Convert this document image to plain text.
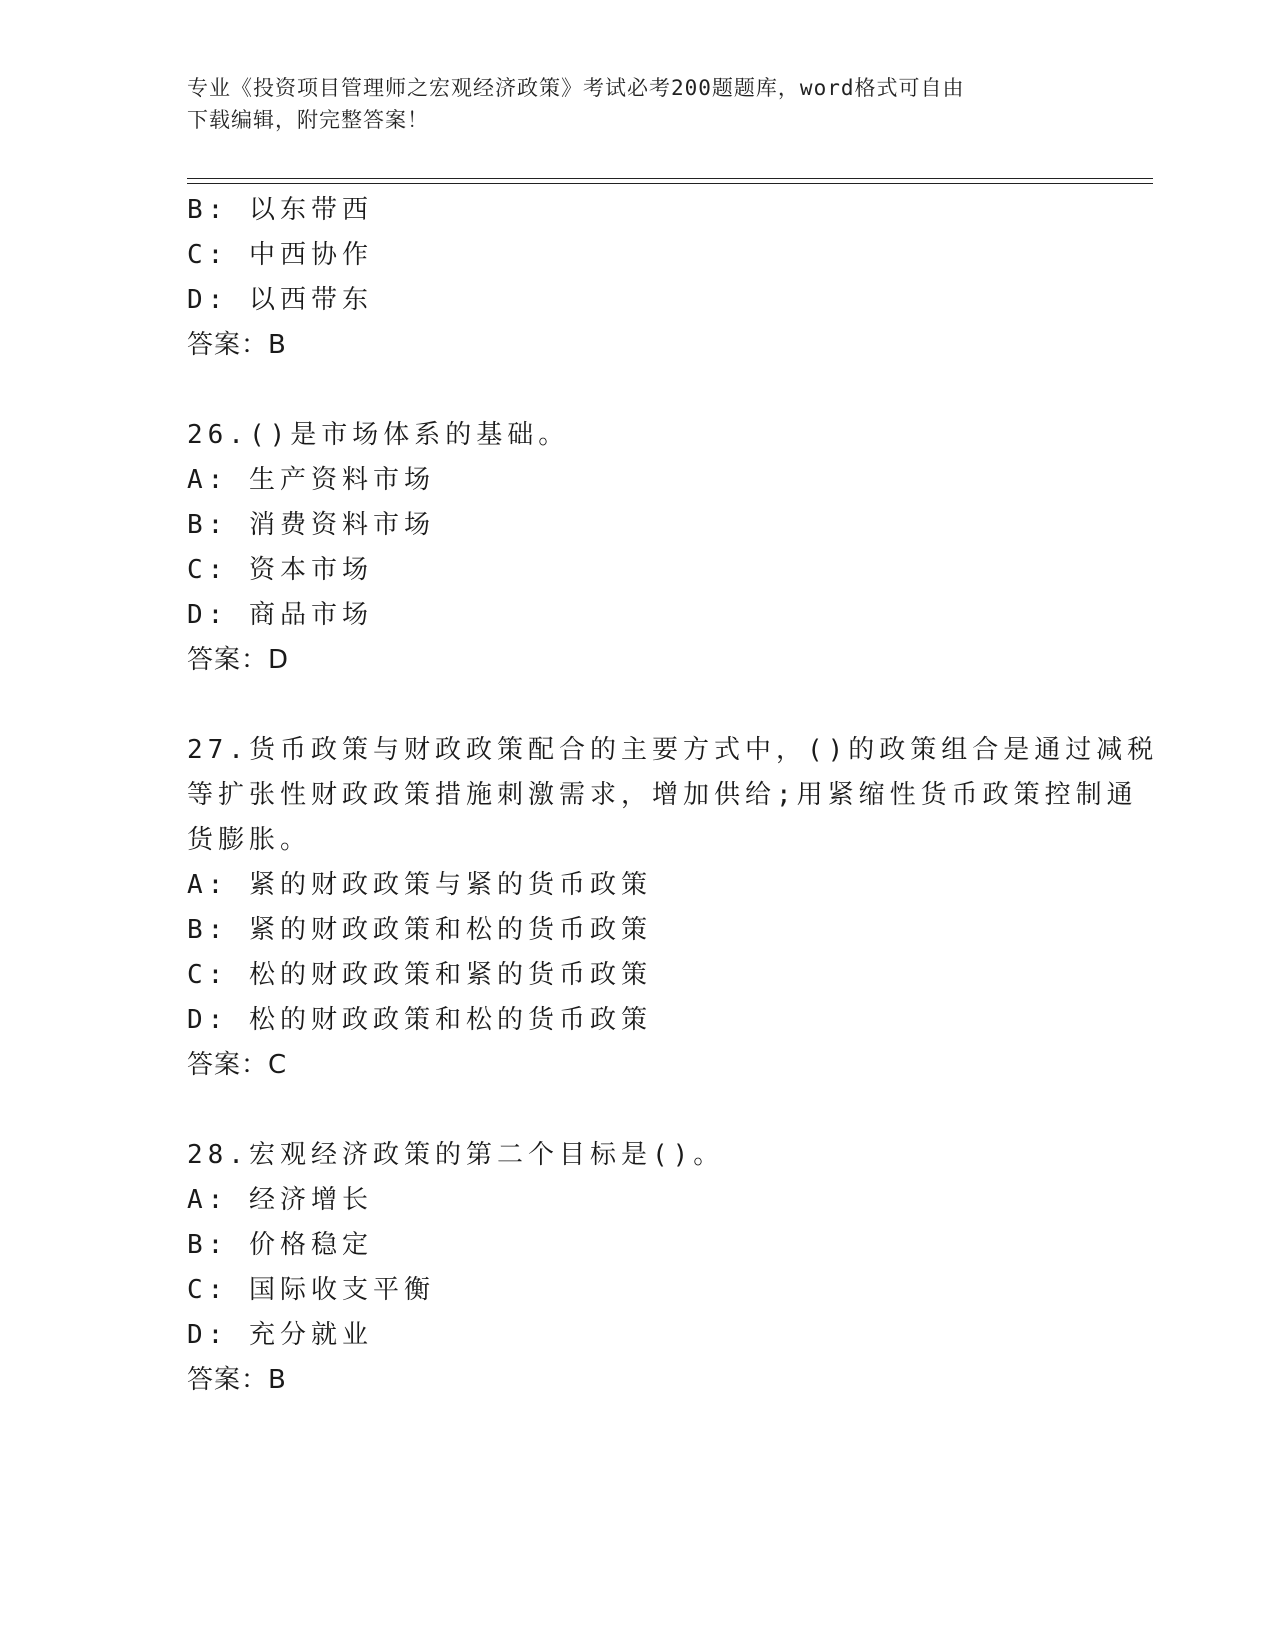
专业《投资项目管理师之宏观经济政策》考试必考200题题库，word格式可自由
下载编辑，附完整答案！
B: 以东带西
C: 中西协作
D: 以西带东
答案：B
26.()是市场体系的基础。
A: 生产资料市场
B: 消费资料市场
C: 资本市场
D: 商品市场
答案：D
27.货币政策与财政政策配合的主要方式中，()的政策组合是通过减税
等扩张性财政政策措施刺激需求，增加供给;用紧缩性货币政策控制通
货膨胀。
A: 紧的财政政策与紧的货币政策
B: 紧的财政政策和松的货币政策
C: 松的财政政策和紧的货币政策
D: 松的财政政策和松的货币政策
答案：C
28.宏观经济政策的第二个目标是()。
A: 经济增长
B: 价格稳定
C: 国际收支平衡
D: 充分就业
答案：B
